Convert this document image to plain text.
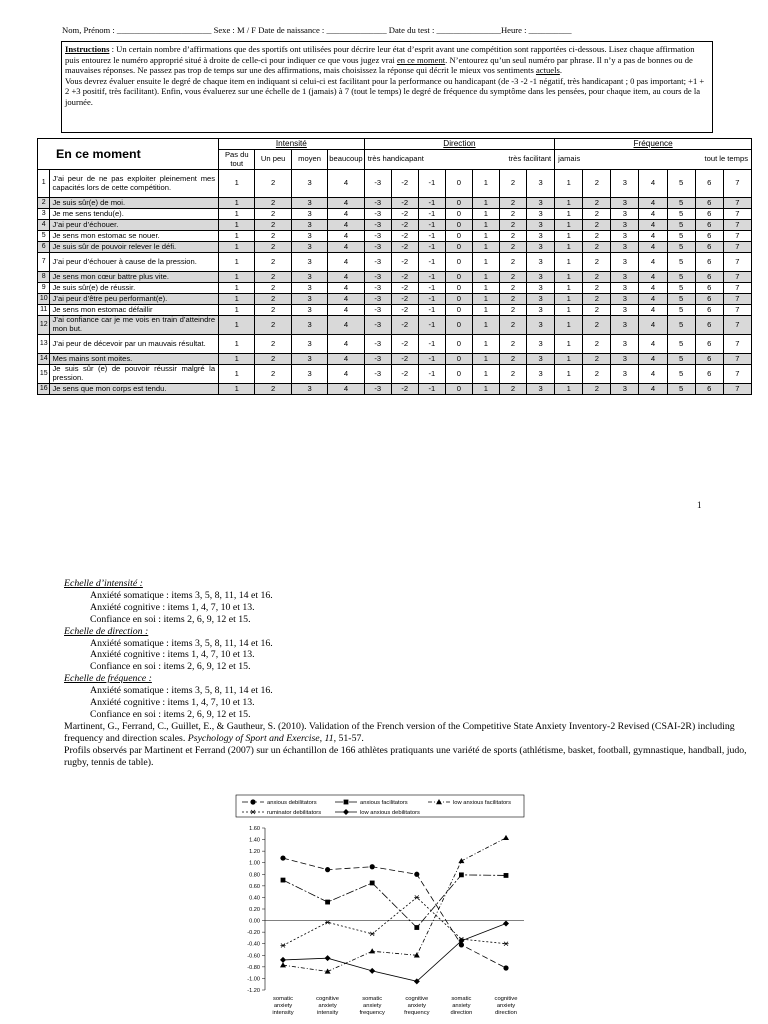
Nom, Prénom : ______________________ Sexe : M / F Date de naissance : ______________ Date du test : _______________Heure : __________
Instructions : Un certain nombre d’affirmations que des sportifs ont utilisées pour décrire leur état d’esprit avant une compétition sont rapportées ci-dessous. Lisez chaque affirmation puis entourez le numéro approprié situé à droite de celle-ci pour indiquer ce que vous jugez vrai en ce moment. N’entourez qu’un seul numéro par phrase. Il n’y a pas de bonnes ou de mauvaises réponses. Ne passez pas trop de temps sur une des affirmations, mais choisissez la réponse qui décrit le mieux vos sentiments actuels.
Vous devrez évaluer ensuite le degré de chaque item en indiquant si celui-ci est facilitant pour la performance ou handicapant (de -3 -2 -1 négatif, très handicapant ; 0 pas important; +1 + 2 +3 positif, très facilitant). Enfin, vous évaluerez sur une échelle de 1 (jamais) à 7 (tout le temps) le degré de fréquence du symptôme dans les pensées, pour chaque item, au cours de la journée.
En ce moment		Intensité				Direction							Fréquence						
		Pas du tout	Un peu	moyen	beaucoup	très handicapant				très facilitant			jamais			tout le temps			
1	J’ai peur de ne pas exploiter pleinement mes capacités lors de cette compétition.	1	2	3	4	-3	-2	-1	0	1	2	3	1	2	3	4	5	6	7
2	Je suis sûr(e) de moi.	1	2	3	4	-3	-2	-1	0	1	2	3	1	2	3	4	5	6	7
3	Je me sens tendu(e).	1	2	3	4	-3	-2	-1	0	1	2	3	1	2	3	4	5	6	7
4	J’ai peur d’échouer.	1	2	3	4	-3	-2	-1	0	1	2	3	1	2	3	4	5	6	7
5	Je sens mon estomac se nouer.	1	2	3	4	-3	-2	-1	0	1	2	3	1	2	3	4	5	6	7
6	Je suis sûr de pouvoir relever le défi.	1	2	3	4	-3	-2	-1	0	1	2	3	1	2	3	4	5	6	7
7	J’ai peur d’échouer à cause de la pression.	1	2	3	4	-3	-2	-1	0	1	2	3	1	2	3	4	5	6	7
8	Je sens mon cœur battre plus vite.	1	2	3	4	-3	-2	-1	0	1	2	3	1	2	3	4	5	6	7
9	Je suis sûr(e) de réussir.	1	2	3	4	-3	-2	-1	0	1	2	3	1	2	3	4	5	6	7
10	J’ai peur d’être peu performant(e).	1	2	3	4	-3	-2	-1	0	1	2	3	1	2	3	4	5	6	7
11	Je sens mon estomac défaillir	1	2	3	4	-3	-2	-1	0	1	2	3	1	2	3	4	5	6	7
12	J’ai confiance car je me vois en train d’atteindre mon but.	1	2	3	4	-3	-2	-1	0	1	2	3	1	2	3	4	5	6	7
13	J’ai peur de décevoir par un mauvais résultat.	1	2	3	4	-3	-2	-1	0	1	2	3	1	2	3	4	5	6	7
14	Mes mains sont moites.	1	2	3	4	-3	-2	-1	0	1	2	3	1	2	3	4	5	6	7
15	Je suis sûr (e) de pouvoir réussir malgré la pression.	1	2	3	4	-3	-2	-1	0	1	2	3	1	2	3	4	5	6	7
16	Je sens que mon corps est tendu.	1	2	3	4	-3	-2	-1	0	1	2	3	1	2	3	4	5	6	7
1
Echelle d’intensité :
Anxiété somatique : items 3, 5, 8, 11, 14 et 16.
Anxiété cognitive : items 1, 4, 7, 10 et 13.
Confiance en soi : items 2, 6, 9, 12 et 15.
Echelle de direction :
Anxiété somatique : items 3, 5, 8, 11, 14 et 16.
Anxiété cognitive : items 1, 4, 7, 10 et 13.
Confiance en soi : items 2, 6, 9, 12 et 15.
Echelle de fréquence :
Anxiété somatique : items 3, 5, 8, 11, 14 et 16.
Anxiété cognitive : items 1, 4, 7, 10 et 13.
Confiance en soi : items 2, 6, 9, 12 et 15.
Martinent, G., Ferrand, C., Guillet, E., & Gautheur, S. (2010). Validation of the French version of the Competitive State Anxiety Inventory-2 Revised (CSAI-2R) including frequency and direction scales. Psychology of Sport and Exercise, 11, 51-57.
Profils observés par Martinent et Ferrand (2007) sur un échantillon de 166 athlètes pratiquants une variété de sports (athlétisme, basket, football, gymnastique, handball, judo, rugby, tennis de table).
1.60
1.40
1.20
1.00
0.80
0.60
0.40
0.20
0.00
-0.20
-0.40
-0.60
-0.80
-1.00
-1.20
somatic
anxiety
intensity
cognitive
anxiety
intensity
somatic
anxiety
frequency
cognitive
anxiety
frequency
somatic
anxiety
direction
cognitive
anxiety
direction
anxious debilitators	anxious facilitators	low anxious facilitators
ruminator debilitators	low anxious debilitators
